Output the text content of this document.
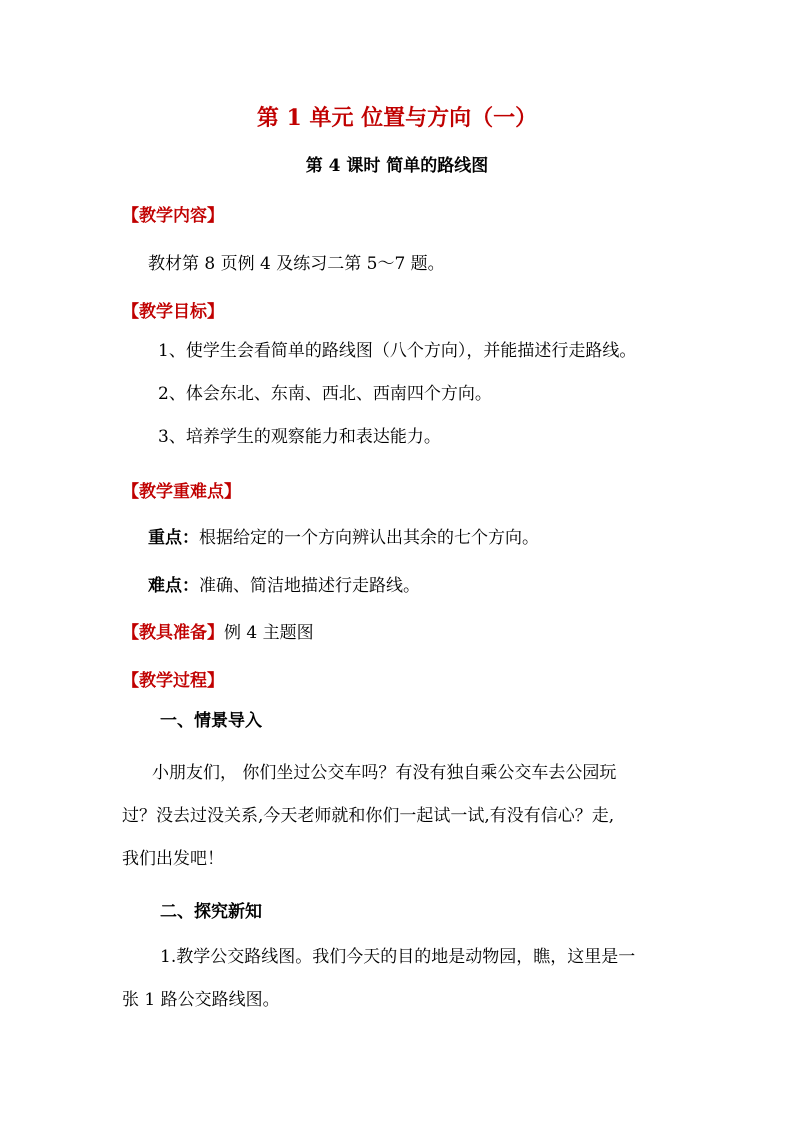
第 1 单元 位置与方向（一）
第 4 课时 简单的路线图
【教学内容】
教材第 8 页例 4 及练习二第 5～7 题。
【教学目标】
1、使学生会看简单的路线图（八个方向），并能描述行走路线。
2、体会东北、东南、西北、西南四个方向。
3、培养学生的观察能力和表达能力。
【教学重难点】
重点：根据给定的一个方向辨认出其余的七个方向。
难点：准确、简洁地描述行走路线。
【教具准备】例 4 主题图
【教学过程】
一、情景导入
小朋友们， 你们坐过公交车吗？有没有独自乘公交车去公园玩
过？没去过没关系,今天老师就和你们一起试一试,有没有信心？走,
我们出发吧！
二、探究新知
1.教学公交路线图。我们今天的目的地是动物园，瞧，这里是一
张 1 路公交路线图。
